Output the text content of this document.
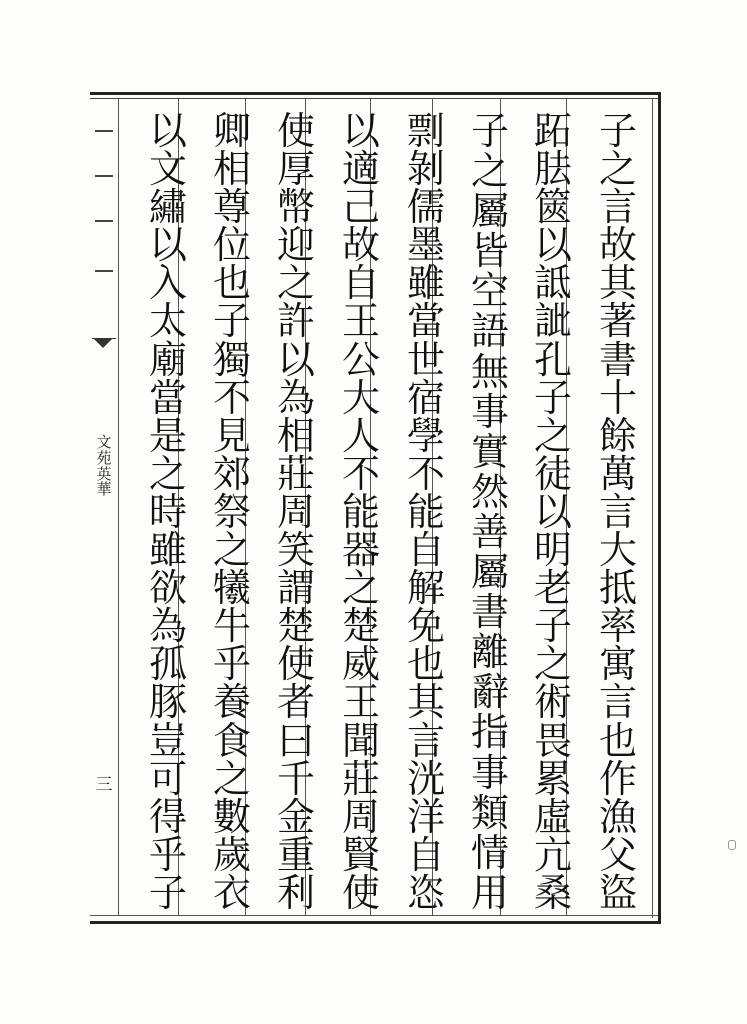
文
苑
英
華
三
子
之
言
故
其
著
書
十
餘
萬
言
大
抵
率
寓
言
也
作
漁
父
盜
跖
胠
篋
以
詆
訿
孔
子
之
徒
以
明
老
子
之
術
畏
累
虛
亢
桑
子
之
屬
皆
空
語
無
事
實
然
善
屬
書
離
辭
指
事
類
情
用
剽
剝
儒
墨
雖
當
世
宿
學
不
能
自
解
免
也
其
言
洸
洋
自
恣
以
適
己
故
自
王
公
大
人
不
能
器
之
楚
威
王
聞
莊
周
賢
使
使
厚
幣
迎
之
許
以
為
相
莊
周
笑
謂
楚
使
者
曰
千
金
重
利
卿
相
尊
位
也
子
獨
不
見
郊
祭
之
犧
牛
乎
養
食
之
數
歲
衣
以
文
繡
以
入
太
廟
當
是
之
時
雖
欲
為
孤
豚
豈
可
得
乎
子
